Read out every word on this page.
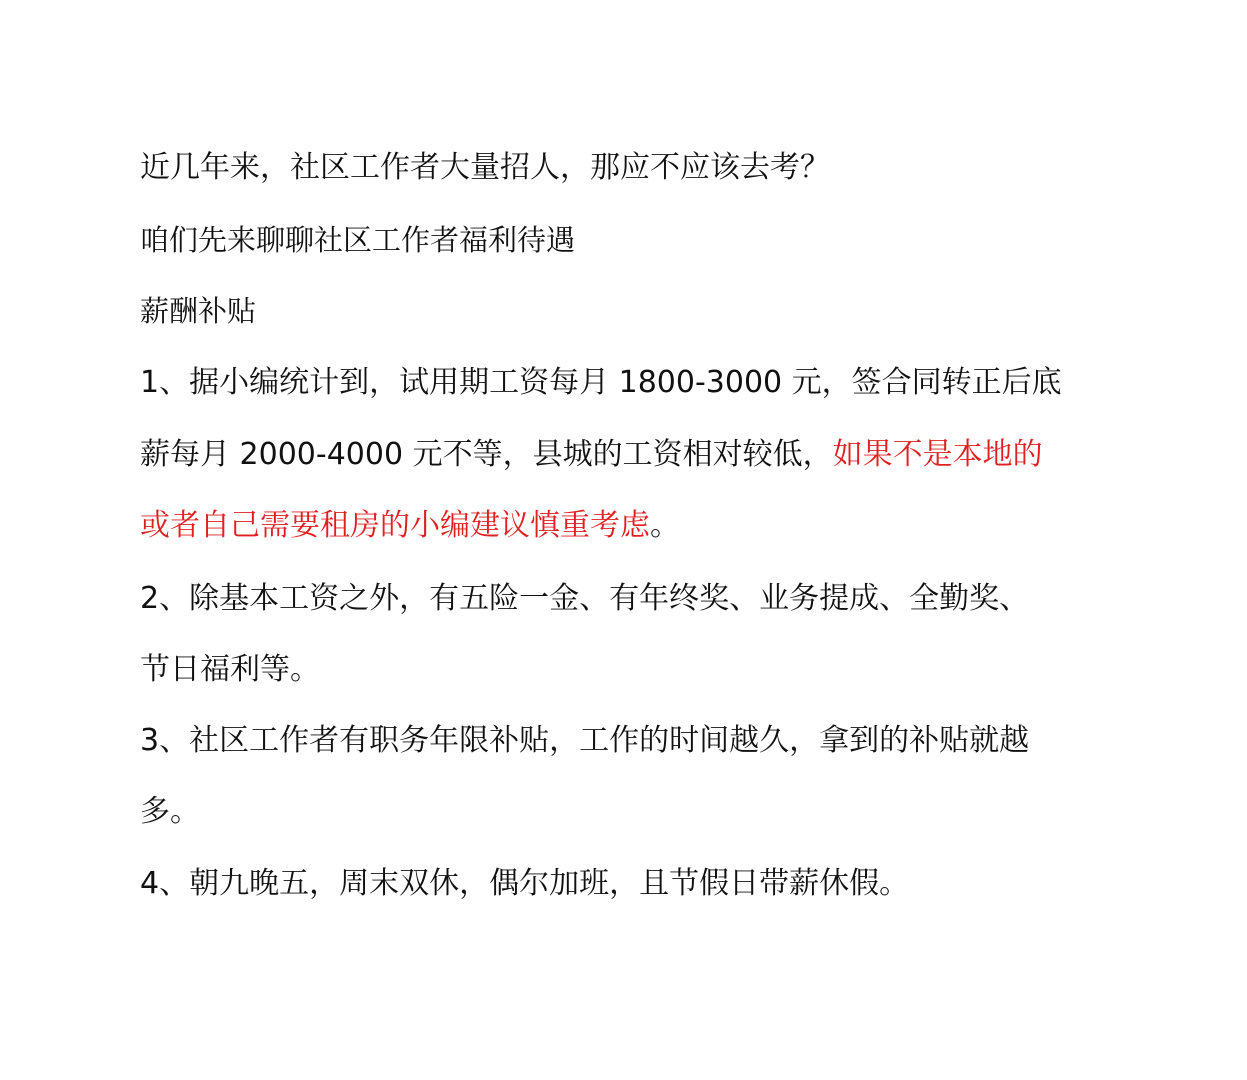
近几年来，社区工作者大量招人，那应不应该去考？
咱们先来聊聊社区工作者福利待遇
薪酬补贴
1、据小编统计到，试用期工资每月 1800-3000 元，签合同转正后底
薪每月 2000-4000 元不等，县城的工资相对较低，如果不是本地的
或者自己需要租房的小编建议慎重考虑。
2、除基本工资之外，有五险一金、有年终奖、业务提成、全勤奖、
节日福利等。
3、社区工作者有职务年限补贴，工作的时间越久，拿到的补贴就越
多。
4、朝九晚五，周末双休，偶尔加班，且节假日带薪休假。
